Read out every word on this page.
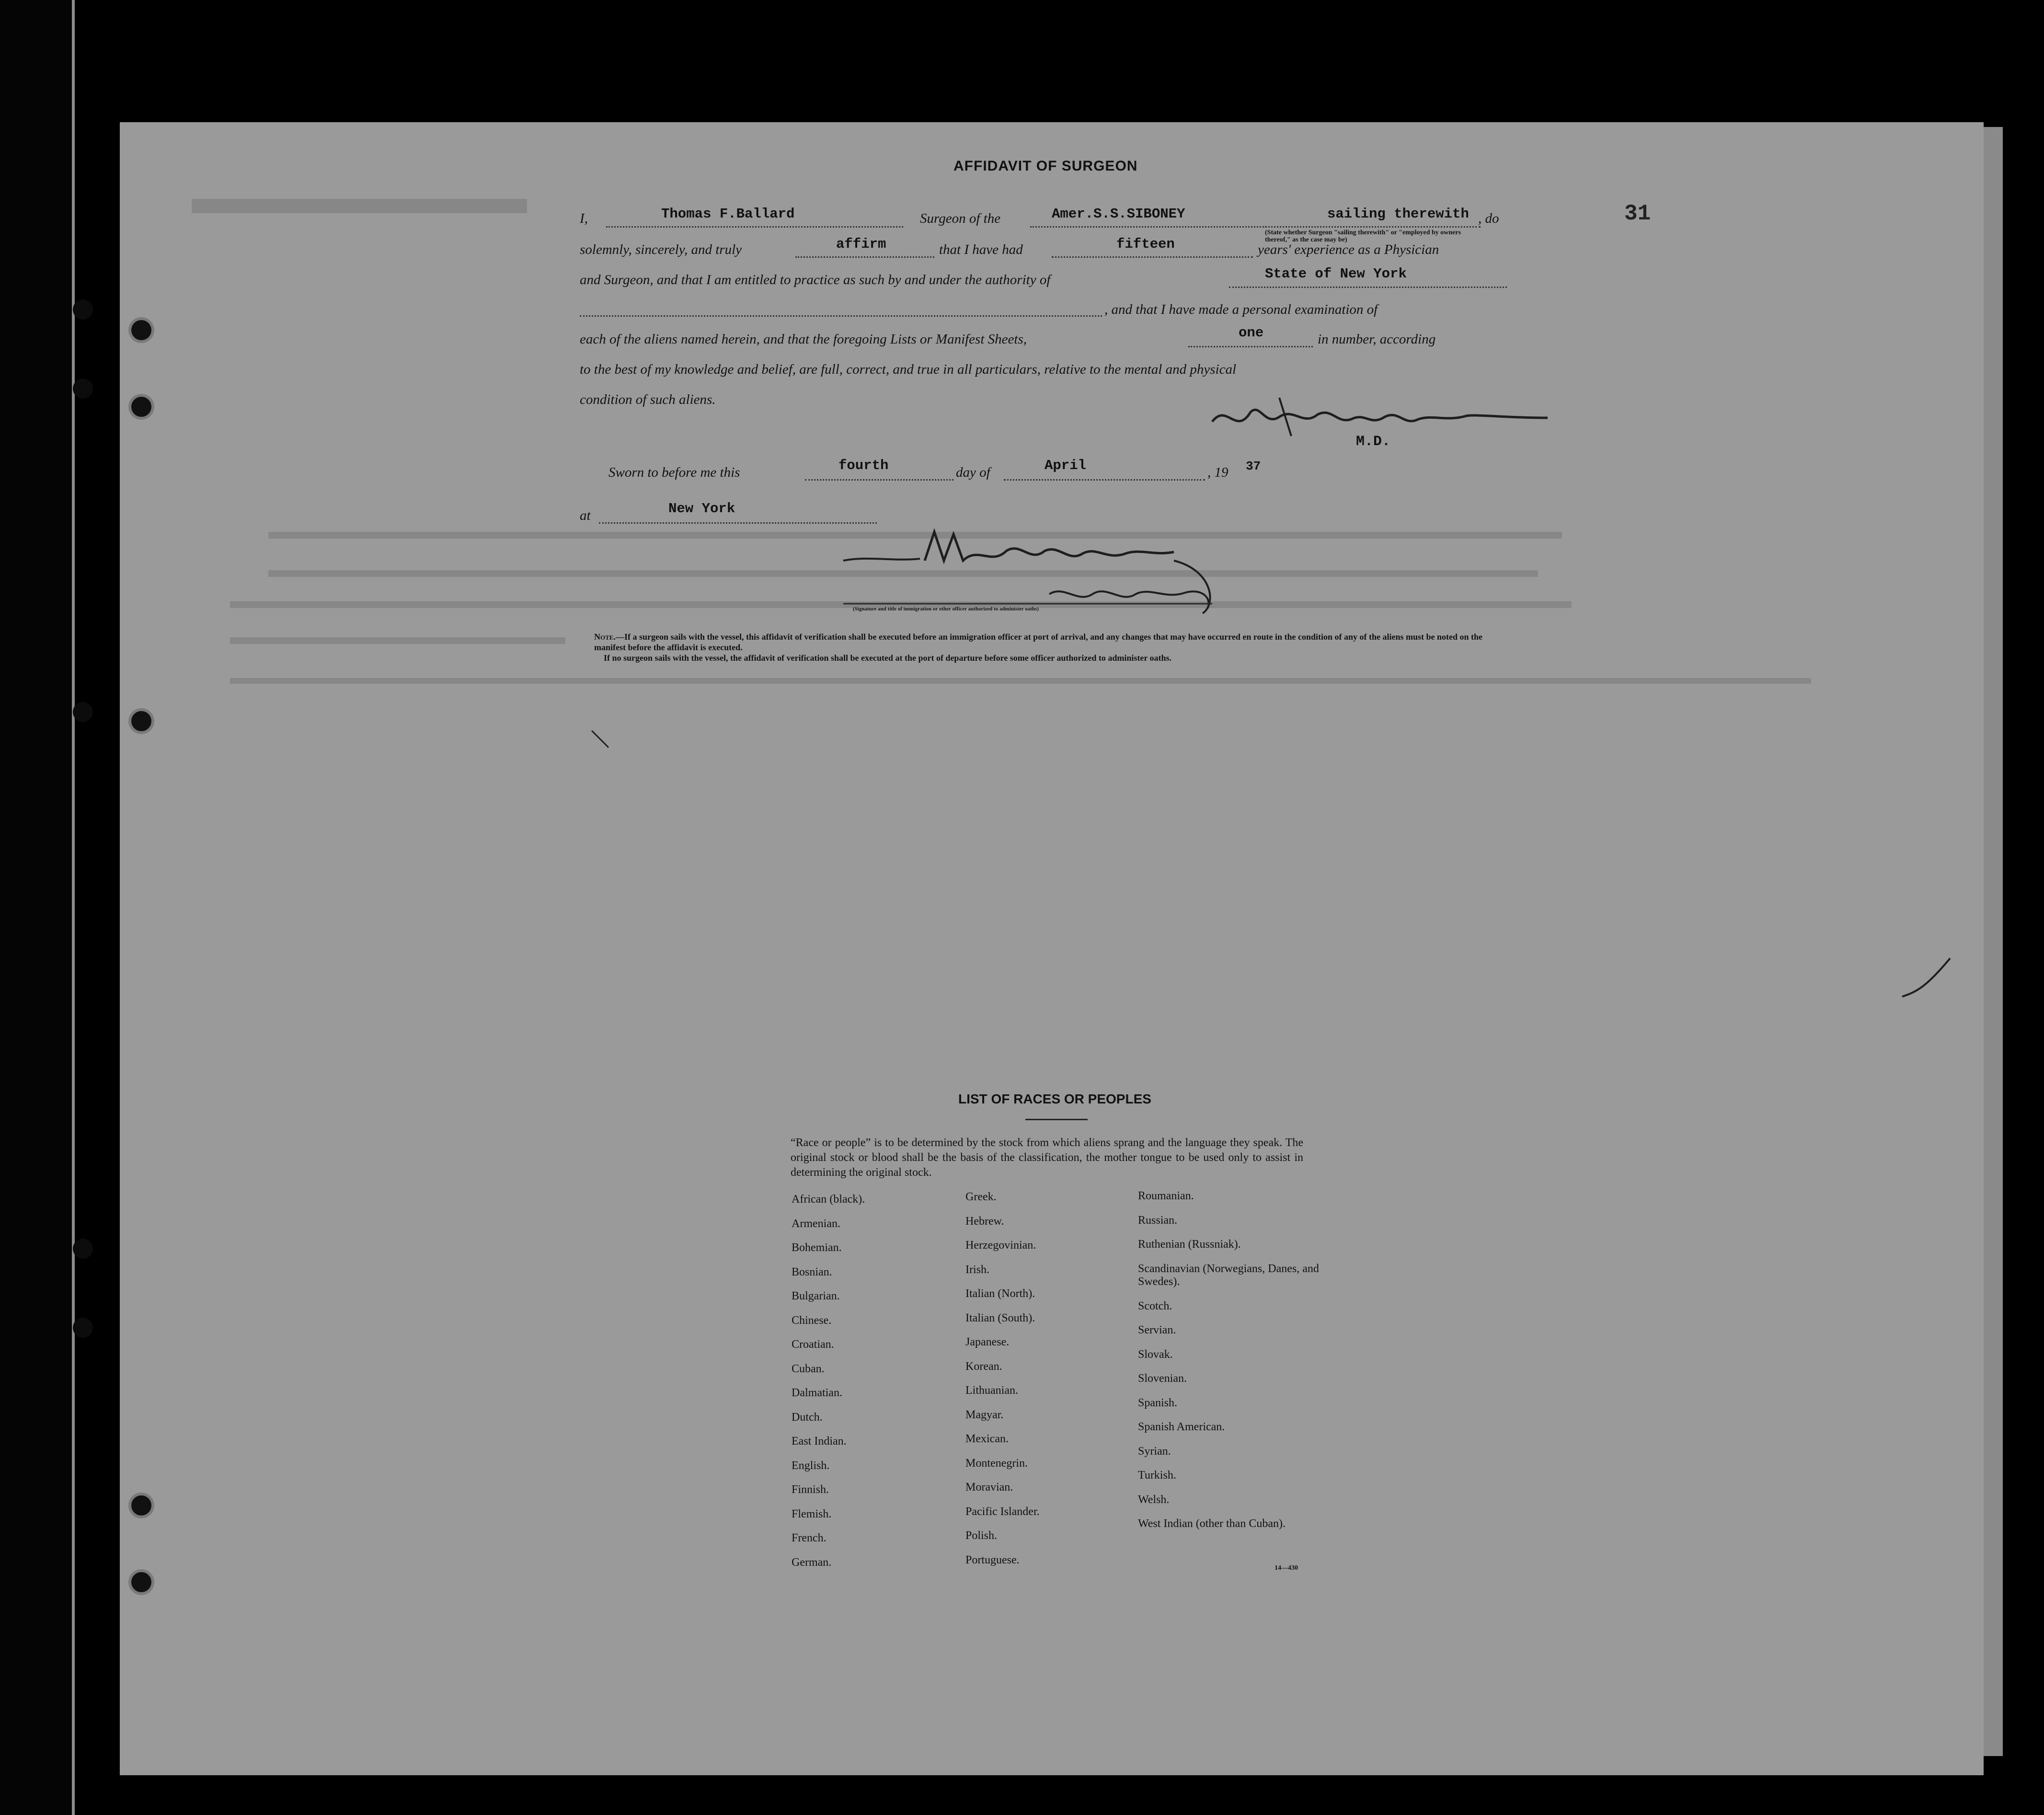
31
AFFIDAVIT OF SURGEON
I,	Thomas F.Ballard	Surgeon of the	Amer.S.S.SIBONEY	sailing therewith , do
(State whether Surgeon "sailing therewith" or "employed by owners thereof," as the case may be)
solemnly, sincerely, and truly	affirm	that I have had	fifteen	years' experience as a Physician
and Surgeon, and that I am entitled to practice as such by and under the authority of	State of New York
, and that I have made a personal examination of
each of the aliens named herein, and that the foregoing Lists or Manifest Sheets,	one	in number, according
to the best of my knowledge and belief, are full, correct, and true in all particulars, relative to the mental and physical
condition of such aliens.
M.D.
Sworn to before me this	fourth	day of	April	, 19 37
at	New York
(Signature and title of immigration or other officer authorized to administer oaths)
Note.—If a surgeon sails with the vessel, this affidavit of verification shall be executed before an immigration officer at port of arrival, and any changes that may have occurred en route in the condition of any of the aliens must be noted on the manifest before the affidavit is executed.
If no surgeon sails with the vessel, the affidavit of verification shall be executed at the port of departure before some officer authorized to administer oaths.
LIST OF RACES OR PEOPLES
“Race or people” is to be determined by the stock from which aliens sprang and the language they speak. The original stock or blood shall be the basis of the classification, the mother tongue to be used only to assist in determining the original stock.
African (black).
Armenian.
Bohemian.
Bosnian.
Bulgarian.
Chinese.
Croatian.
Cuban.
Dalmatian.
Dutch.
East Indian.
English.
Finnish.
Flemish.
French.
German.
Greek.
Hebrew.
Herzegovinian.
Irish.
Italian (North).
Italian (South).
Japanese.
Korean.
Lithuanian.
Magyar.
Mexican.
Montenegrin.
Moravian.
Pacific Islander.
Polish.
Portuguese.
Roumanian.
Russian.
Ruthenian (Russniak).
Scandinavian (Norwegians, Danes, and Swedes).
Scotch.
Servian.
Slovak.
Slovenian.
Spanish.
Spanish American.
Syrian.
Turkish.
Welsh.
West Indian (other than Cuban).
14—430
